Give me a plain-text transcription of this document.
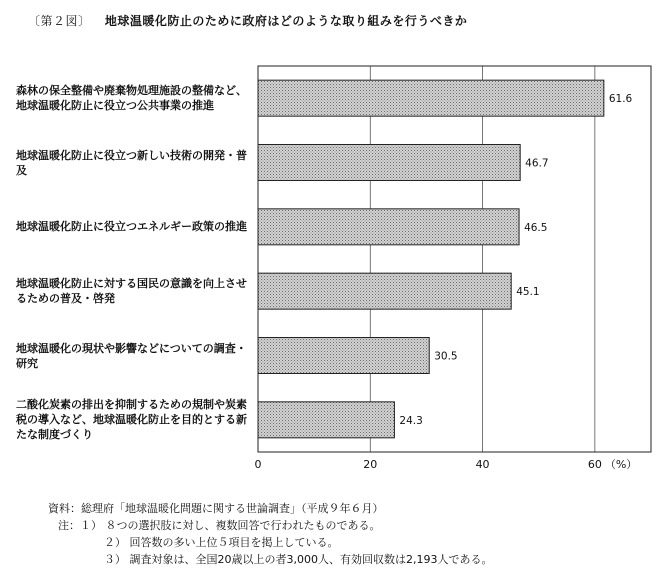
〔第２図〕 地球温暖化防止のために政府はどのような取り組みを行うべきか
0	20	40	60 （%）
61.6
46.7
46.5
45.1
30.5
24.3
森林の保全整備や廃棄物処理施設の整備など、地球温暖化防止に役立つ公共事業の推進
地球温暖化防止に役立つ新しい技術の開発・普及
地球温暖化防止に役立つエネルギー政策の推進
地球温暖化防止に対する国民の意識を向上させるための普及・啓発
地球温暖化の現状や影響などについての調査・研究
二酸化炭素の排出を抑制するための規制や炭素税の導入など、地球温暖化防止を目的とする新たな制度づくり
資料：総理府「地球温暖化問題に関する世論調査」（平成９年６月）
注：１） ８つの選択肢に対し、複数回答で行われたものである。
２） 回答数の多い上位５項目を掲上している。
３） 調査対象は、全国20歳以上の者3,000人、有効回収数は2,193人である。
